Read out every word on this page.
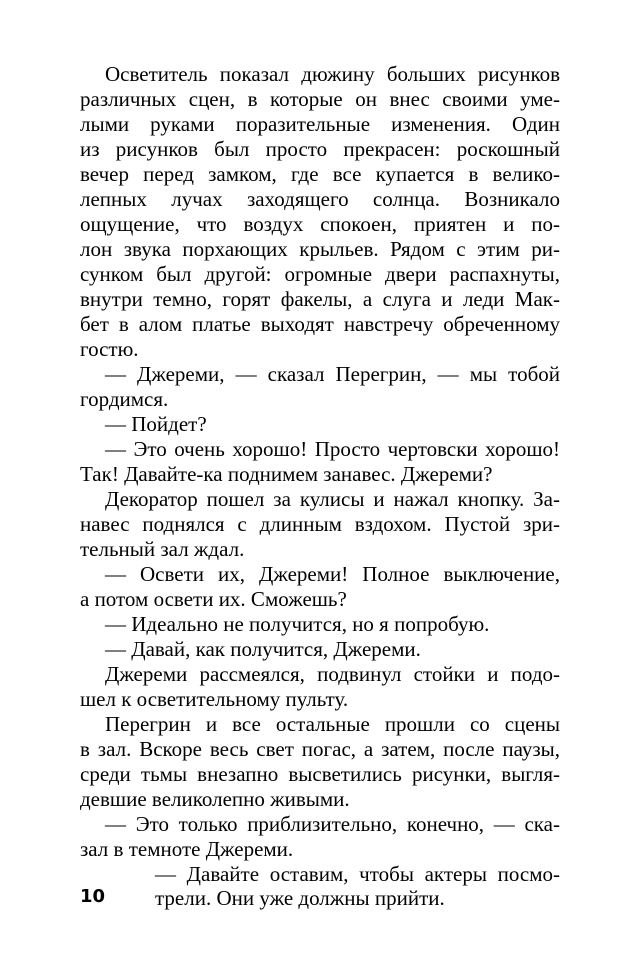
Осветитель показал дюжину больших рисунков
различных сцен, в которые он внес своими уме-
лыми руками поразительные изменения. Один
из рисунков был просто прекрасен: роскошный
вечер перед замком, где все купается в велико-
лепных лучах заходящего солнца. Возникало
ощущение, что воздух спокоен, приятен и по-
лон звука порхающих крыльев. Рядом с этим ри-
сунком был другой: огромные двери распахнуты,
внутри темно, горят факелы, а слуга и леди Мак-
бет в алом платье выходят навстречу обреченному
гостю.
— Джереми, — сказал Перегрин, — мы тобой
гордимся.
— Пойдет?
— Это очень хорошо! Просто чертовски хорошо!
Так! Давайте-ка поднимем занавес. Джереми?
Декоратор пошел за кулисы и нажал кнопку. За-
навес поднялся с длинным вздохом. Пустой зри-
тельный зал ждал.
— Освети их, Джереми! Полное выключение,
а потом освети их. Сможешь?
— Идеально не получится, но я попробую.
— Давай, как получится, Джереми.
Джереми рассмеялся, подвинул стойки и подо-
шел к осветительному пульту.
Перегрин и все остальные прошли со сцены
в зал. Вскоре весь свет погас, а затем, после паузы,
среди тьмы внезапно высветились рисунки, выгля-
девшие великолепно живыми.
— Это только приблизительно, конечно, — ска-
зал в темноте Джереми.
— Давайте оставим, чтобы актеры посмо-
трели. Они уже должны прийти.
10
